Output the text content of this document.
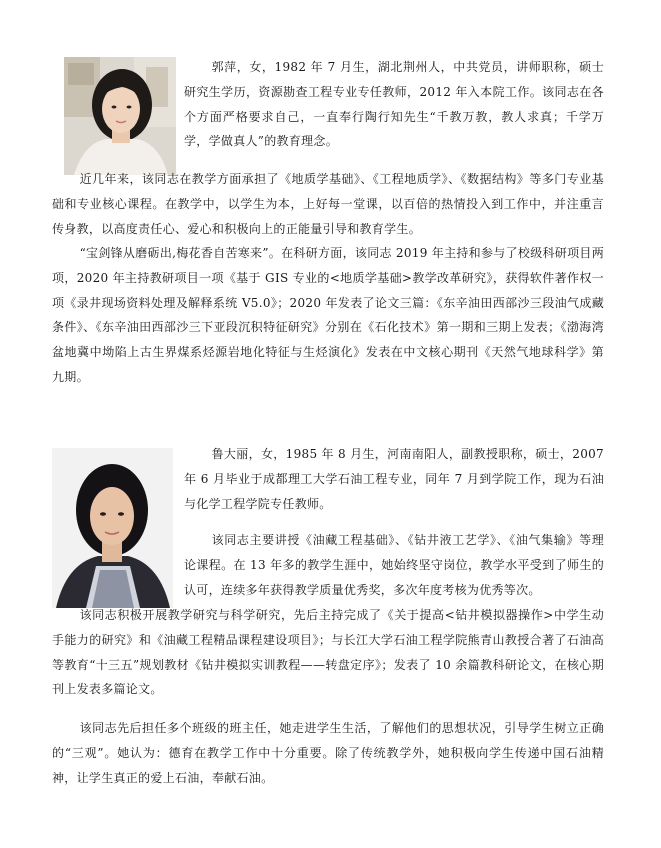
郭萍，女，1982 年 7 月生，湖北荆州人，中共党员，讲师职称，硕士研究生学历，资源勘查工程专业专任教师，2012 年入本院工作。该同志在各个方面严格要求自己，一直奉行陶行知先生“千教万教，教人求真；千学万学，学做真人”的教育理念。

近几年来，该同志在教学方面承担了《地质学基础》、《工程地质学》、《数据结构》等多门专业基础和专业核心课程。在教学中，以学生为本，上好每一堂课，以百倍的热情投入到工作中，并注重言传身教，以高度责任心、爱心和积极向上的正能量引导和教育学生。

“宝剑锋从磨砺出,梅花香自苦寒来”。在科研方面，该同志 2019 年主持和参与了校级科研项目两项，2020 年主持教研项目一项《基于 GIS 专业的<地质学基础>教学改革研究》，获得软件著作权一项《录井现场资料处理及解释系统 V5.0》；2020 年发表了论文三篇：《东辛油田西部沙三段油气成藏条件》、《东辛油田西部沙三下亚段沉积特征研究》分别在《石化技术》第一期和三期上发表；《渤海湾盆地冀中坳陷上古生界煤系烃源岩地化特征与生烃演化》发表在中文核心期刊《天然气地球科学》第九期。

鲁大丽，女，1985 年 8 月生，河南南阳人，副教授职称，硕士，2007 年 6 月毕业于成都理工大学石油工程专业，同年 7 月到学院工作，现为石油与化学工程学院专任教师。

该同志主要讲授《油藏工程基础》、《钻井液工艺学》、《油气集输》等理论课程。在 13 年多的教学生涯中，她始终坚守岗位，教学水平受到了师生的认可，连续多年获得教学质量优秀奖，多次年度考核为优秀等次。

该同志积极开展教学研究与科学研究，先后主持完成了《关于提高<钻井模拟器操作>中学生动手能力的研究》和《油藏工程精品课程建设项目》；与长江大学石油工程学院熊青山教授合著了石油高等教育“十三五”规划教材《钻井模拟实训教程——转盘定序》；发表了 10 余篇教科研论文，在核心期刊上发表多篇论文。

该同志先后担任多个班级的班主任，她走进学生生活，了解他们的思想状况，引导学生树立正确的“三观”。她认为：德育在教学工作中十分重要。除了传统教学外，她积极向学生传递中国石油精神，让学生真正的爱上石油，奉献石油。
